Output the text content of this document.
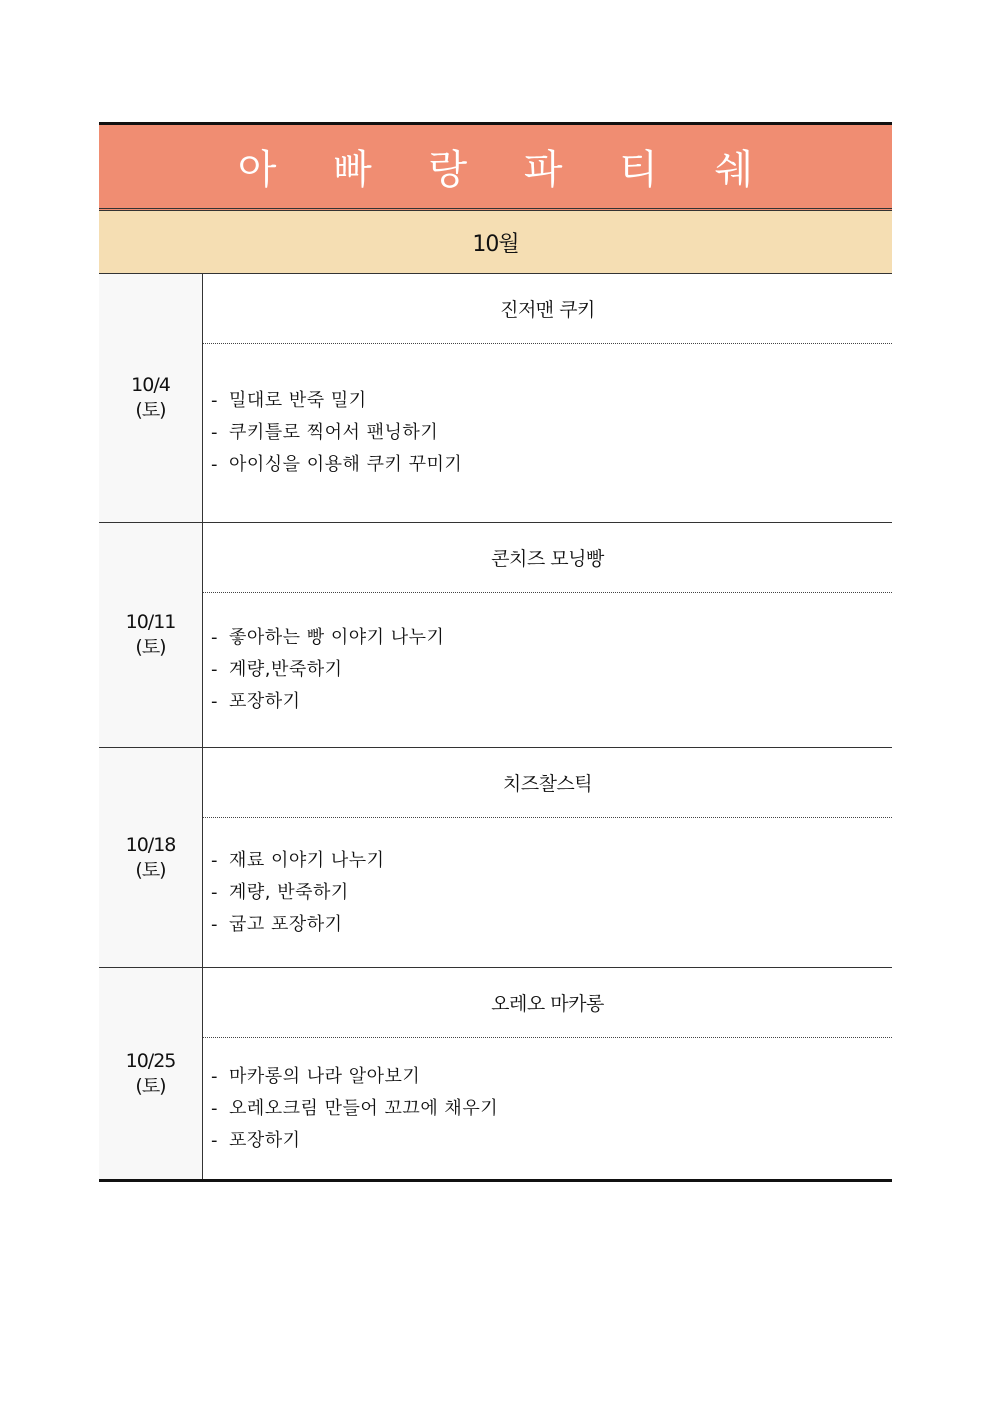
아 빠 랑 파 티 쉐
10월
10/4
(토)
진저맨 쿠키
- 밀대로 반죽 밀기
- 쿠키틀로 찍어서 팬닝하기
- 아이싱을 이용해 쿠키 꾸미기
10/11
(토)
콘치즈 모닝빵
- 좋아하는 빵 이야기 나누기
- 계량,반죽하기
- 포장하기
10/18
(토)
치즈찰스틱
- 재료 이야기 나누기
- 계량, 반죽하기
- 굽고 포장하기
10/25
(토)
오레오 마카롱
- 마카롱의 나라 알아보기
- 오레오크림 만들어 꼬끄에 채우기
- 포장하기
